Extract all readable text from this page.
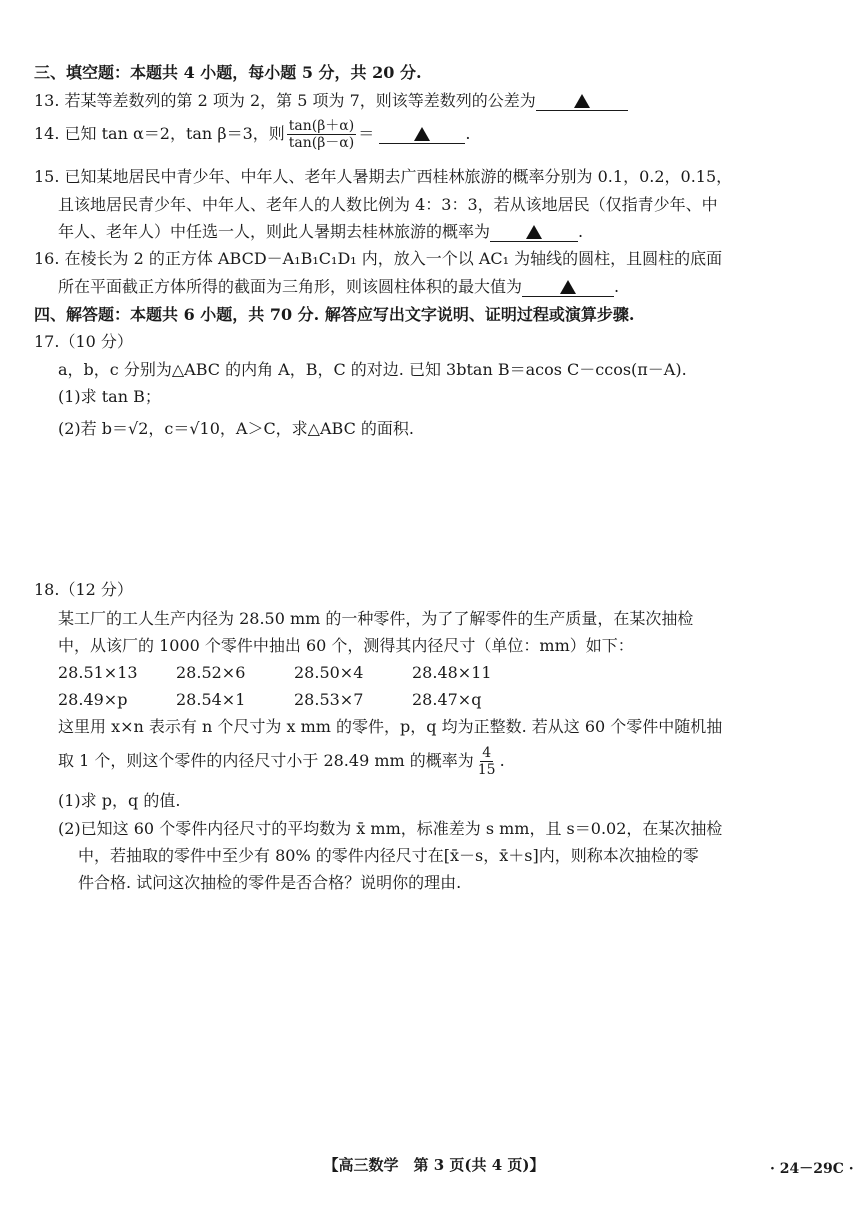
三、填空题：本题共 4 小题，每小题 5 分，共 20 分.
13. 若某等差数列的第 2 项为 2，第 5 项为 7，则该等差数列的公差为
14. 已知 tan α＝2，tan β＝3，则 $\frac{\tan(\beta+\alpha)}{\tan(\beta-\alpha)}$ ＝	.
15. 已知某地居民中青少年、中年人、老年人暑期去广西桂林旅游的概率分别为 0.1，0.2，0.15，
且该地居民青少年、中年人、老年人的人数比例为 4：3：3，若从该地居民（仅指青少年、中
年人、老年人）中任选一人，则此人暑期去桂林旅游的概率为	.
16. 在棱长为 2 的正方体 ABCD－A₁B₁C₁D₁ 内，放入一个以 AC₁ 为轴线的圆柱，且圆柱的底面
所在平面截正方体所得的截面为三角形，则该圆柱体积的最大值为	.
四、解答题：本题共 6 小题，共 70 分. 解答应写出文字说明、证明过程或演算步骤.
17.（10 分）
a，b，c 分别为△ABC 的内角 A，B，C 的对边. 已知 3btan B＝acos C－ccos(π－A).
(1)求 tan B；
(2)若 b＝√2，c＝√10，A＞C，求△ABC 的面积.
18.（12 分）
某工厂的工人生产内径为 28.50 mm 的一种零件，为了了解零件的生产质量，在某次抽检
中，从该厂的 1000 个零件中抽出 60 个，测得其内径尺寸（单位：mm）如下：
28.51×13 28.52×6	28.50×4	28.48×11
28.49×p	28.54×1	28.53×7	28.47×q
这里用 x×n 表示有 n 个尺寸为 x mm 的零件，p，q 均为正整数. 若从这 60 个零件中随机抽
取 1 个，则这个零件的内径尺寸小于 28.49 mm 的概率为 $\frac{4}{15}$ .
(1)求 p，q 的值.
(2)已知这 60 个零件内径尺寸的平均数为 x̄ mm，标准差为 s mm，且 s＝0.02，在某次抽检
中，若抽取的零件中至少有 80% 的零件内径尺寸在[x̄－s，x̄＋s]内，则称本次抽检的零
件合格. 试问这次抽检的零件是否合格？说明你的理由.
【高三数学　第 3 页(共 4 页)】	· 24－29C ·
